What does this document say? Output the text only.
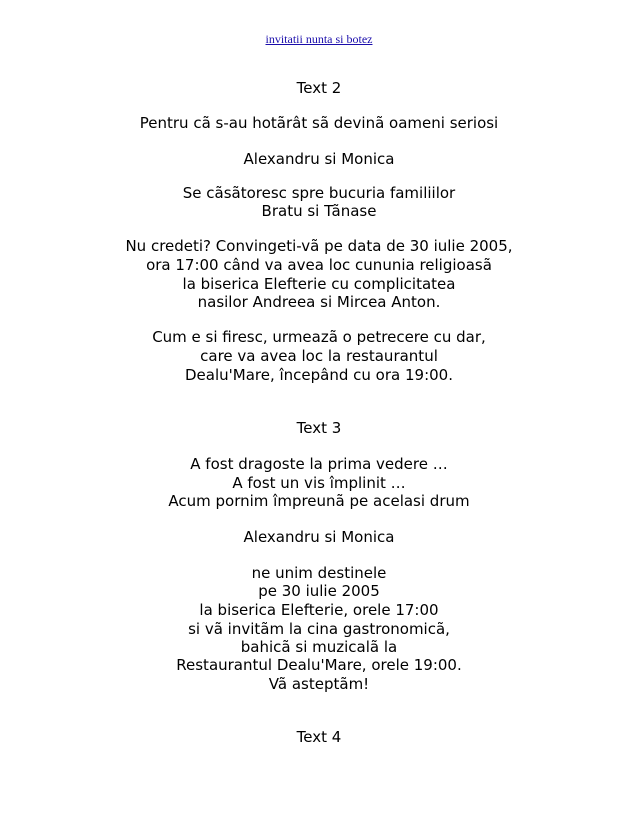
invitatii nunta si botez
Text 2
Pentru cã s-au hotãrât sã devinã oameni seriosi
Alexandru si Monica
Se cãsãtoresc spre bucuria familiilor
Bratu si Tãnase
Nu credeti? Convingeti-vã pe data de 30 iulie 2005,
ora 17:00 când va avea loc cununia religioasã
la biserica Elefterie cu complicitatea
nasilor Andreea si Mircea Anton.
Cum e si firesc, urmeazã o petrecere cu dar,
care va avea loc la restaurantul
Dealu'Mare, începând cu ora 19:00.
Text 3
A fost dragoste la prima vedere …
A fost un vis împlinit …
Acum pornim împreunã pe acelasi drum
Alexandru si Monica
ne unim destinele
pe 30 iulie 2005
la biserica Elefterie, orele 17:00
si vã invitãm la cina gastronomicã,
bahicã si muzicalã la
Restaurantul Dealu'Mare, orele 19:00.
Vã asteptãm!
Text 4
